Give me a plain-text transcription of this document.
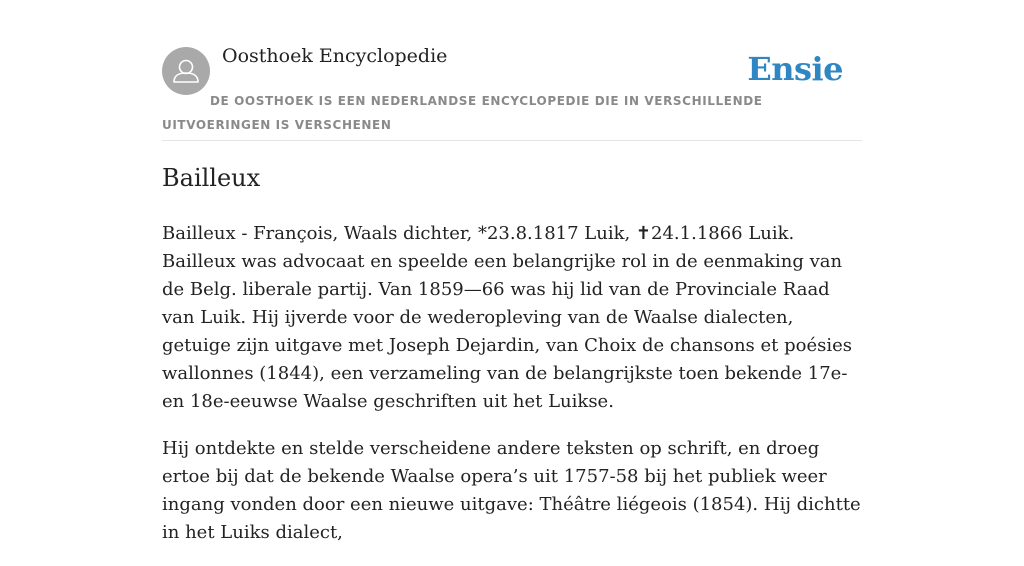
Oosthoek Encyclopedie	Ensie

DE OOSTHOEK IS EEN NEDERLANDSE ENCYCLOPEDIE DIE IN VERSCHILLENDE UITVOERINGEN IS VERSCHENEN

Bailleux

Bailleux - François, Waals dichter, *23.8.1817 Luik, ✝24.1.1866 Luik. Bailleux was advocaat en speelde een belangrijke rol in de eenmaking van de Belg. liberale partij. Van 1859—66 was hij lid van de Provinciale Raad van Luik. Hij ijverde voor de wederopleving van de Waalse dialecten, getuige zijn uitgave met Joseph Dejardin, van Choix de chansons et poésies wallonnes (1844), een verzameling van de belangrijkste toen bekende 17e- en 18e-eeuwse Waalse geschriften uit het Luikse.

Hij ontdekte en stelde verscheidene andere teksten op schrift, en droeg ertoe bij dat de bekende Waalse opera’s uit 1757-58 bij het publiek weer ingang vonden door een nieuwe uitgave: Théâtre liégeois (1854). Hij dichtte in het Luiks dialect,
